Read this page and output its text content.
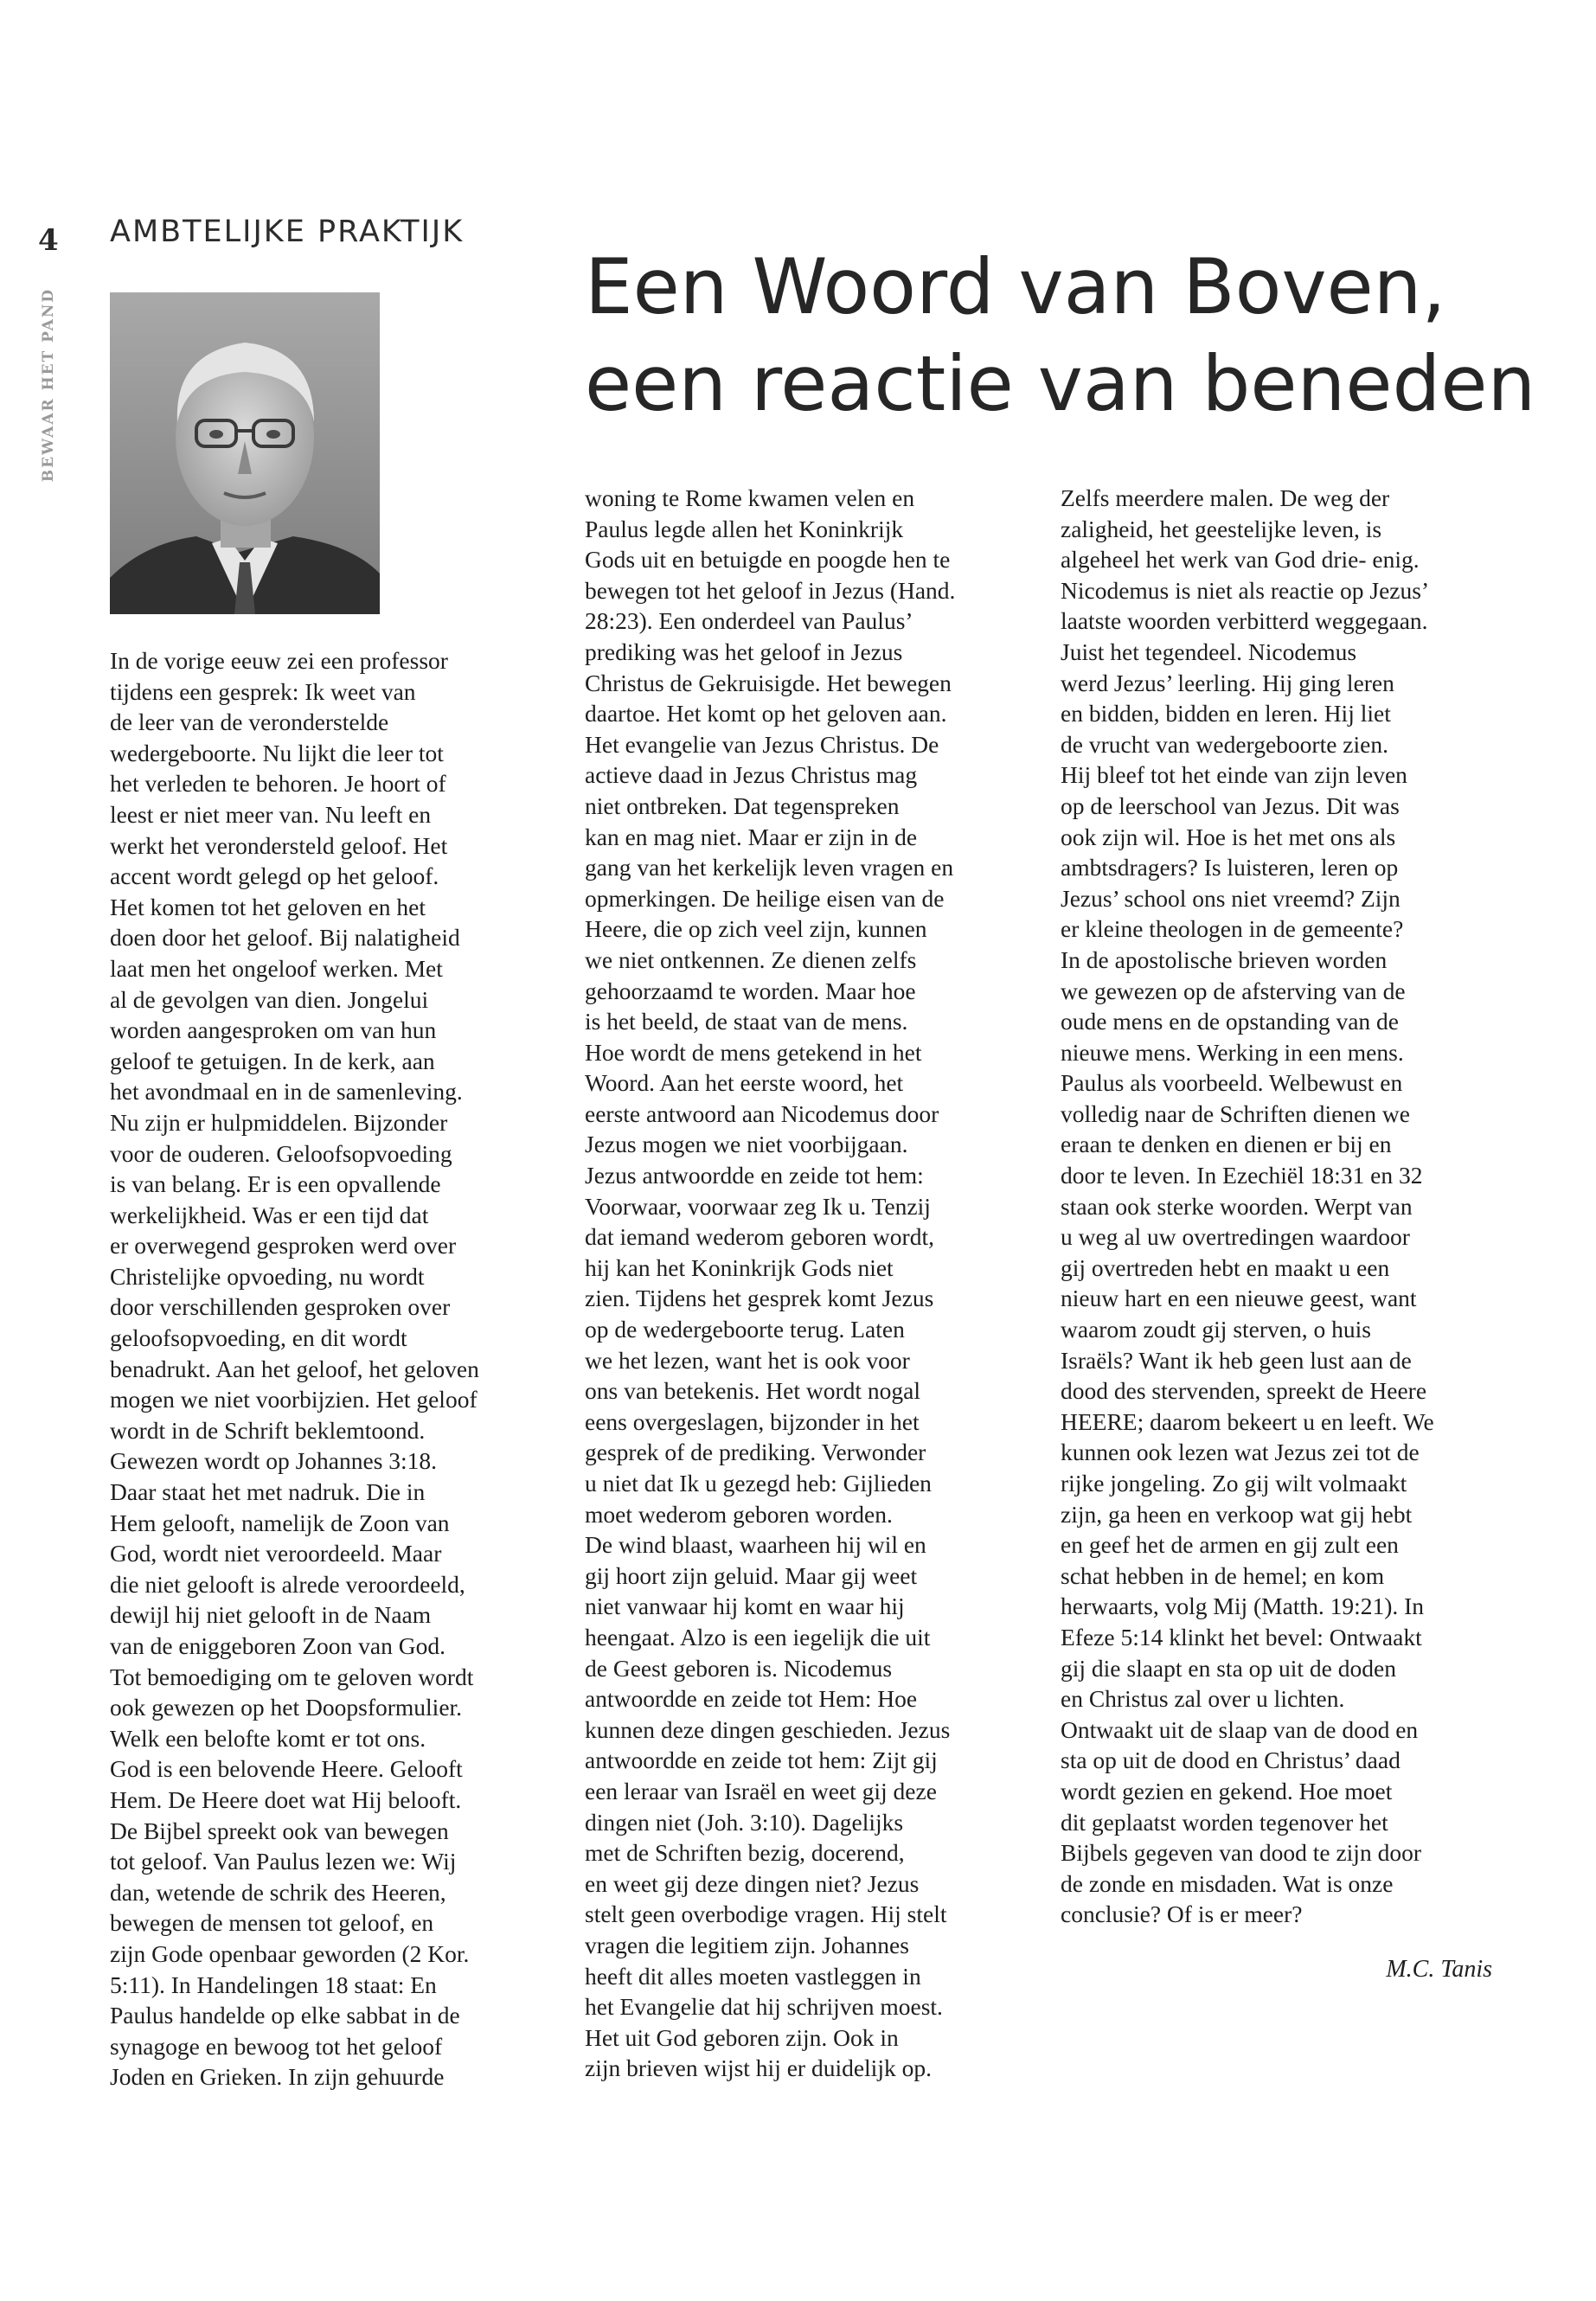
4
BEWAAR HET PAND
AMBTELIJKE PRAKTIJK
Een Woord van Boven,
een reactie van beneden

In de vorige eeuw zei een professor

tijdens een gesprek: Ik weet van

de leer van de veronderstelde

wedergeboorte. Nu lijkt die leer tot

het verleden te behoren. Je hoort of

leest er niet meer van. Nu leeft en

werkt het verondersteld geloof. Het

accent wordt gelegd op het geloof.

Het komen tot het geloven en het

doen door het geloof. Bij nalatigheid

laat men het ongeloof werken. Met

al de gevolgen van dien. Jongelui

worden aangesproken om van hun

geloof te getuigen. In de kerk, aan

het avondmaal en in de samenleving.

Nu zijn er hulpmiddelen. Bijzonder

voor de ouderen. Geloofsopvoeding

is van belang. Er is een opvallende

werkelijkheid. Was er een tijd dat

er overwegend gesproken werd over

Christelijke opvoeding, nu wordt

door verschillenden gesproken over

geloofsopvoeding, en dit wordt

benadrukt. Aan het geloof, het geloven

mogen we niet voorbijzien. Het geloof

wordt in de Schrift beklemtoond.

Gewezen wordt op Johannes 3:18.

Daar staat het met nadruk. Die in

Hem gelooft, namelijk de Zoon van

God, wordt niet veroordeeld. Maar

die niet gelooft is alrede veroordeeld,

dewijl hij niet gelooft in de Naam

van de eniggeboren Zoon van God.

Tot bemoediging om te geloven wordt

ook gewezen op het Doopsformulier.

Welk een belofte komt er tot ons.

God is een belovende Heere. Gelooft

Hem. De Heere doet wat Hij belooft.

De Bijbel spreekt ook van bewegen

tot geloof. Van Paulus lezen we: Wij

dan, wetende de schrik des Heeren,

bewegen de mensen tot geloof, en

zijn Gode openbaar geworden (2 Kor.

5:11). In Handelingen 18 staat: En

Paulus handelde op elke sabbat in de

synagoge en bewoog tot het geloof

Joden en Grieken. In zijn gehuurde

woning te Rome kwamen velen en

Paulus legde allen het Koninkrijk

Gods uit en betuigde en poogde hen te

bewegen tot het geloof in Jezus (Hand.

28:23). Een onderdeel van Paulus’

prediking was het geloof in Jezus

Christus de Gekruisigde. Het bewegen

daartoe. Het komt op het geloven aan.

Het evangelie van Jezus Christus. De

actieve daad in Jezus Christus mag

niet ontbreken. Dat tegenspreken

kan en mag niet. Maar er zijn in de

gang van het kerkelijk leven vragen en

opmerkingen. De heilige eisen van de

Heere, die op zich veel zijn, kunnen

we niet ontkennen. Ze dienen zelfs

gehoorzaamd te worden. Maar hoe

is het beeld, de staat van de mens.

Hoe wordt de mens getekend in het

Woord. Aan het eerste woord, het

eerste antwoord aan Nicodemus door

Jezus mogen we niet voorbijgaan.

Jezus antwoordde en zeide tot hem:

Voorwaar, voorwaar zeg Ik u. Tenzij

dat iemand wederom geboren wordt,

hij kan het Koninkrijk Gods niet

zien. Tijdens het gesprek komt Jezus

op de wedergeboorte terug. Laten

we het lezen, want het is ook voor

ons van betekenis. Het wordt nogal

eens overgeslagen, bijzonder in het

gesprek of de prediking. Verwonder

u niet dat Ik u gezegd heb: Gijlieden

moet wederom geboren worden.

De wind blaast, waarheen hij wil en

gij hoort zijn geluid. Maar gij weet

niet vanwaar hij komt en waar hij

heengaat. Alzo is een iegelijk die uit

de Geest geboren is. Nicodemus

antwoordde en zeide tot Hem: Hoe

kunnen deze dingen geschieden. Jezus

antwoordde en zeide tot hem: Zijt gij

een leraar van Israël en weet gij deze

dingen niet (Joh. 3:10). Dagelijks

met de Schriften bezig, docerend,

en weet gij deze dingen niet? Jezus

stelt geen overbodige vragen. Hij stelt

vragen die legitiem zijn. Johannes

heeft dit alles moeten vastleggen in

het Evangelie dat hij schrijven moest.

Het uit God geboren zijn. Ook in

zijn brieven wijst hij er duidelijk op.

Zelfs meerdere malen. De weg der

zaligheid, het geestelijke leven, is

algeheel het werk van God drie- enig.

Nicodemus is niet als reactie op Jezus’

laatste woorden verbitterd weggegaan.

Juist het tegendeel. Nicodemus

werd Jezus’ leerling. Hij ging leren

en bidden, bidden en leren. Hij liet

de vrucht van wedergeboorte zien.

Hij bleef tot het einde van zijn leven

op de leerschool van Jezus. Dit was

ook zijn wil. Hoe is het met ons als

ambtsdragers? Is luisteren, leren op

Jezus’ school ons niet vreemd? Zijn

er kleine theologen in de gemeente?

In de apostolische brieven worden

we gewezen op de afsterving van de

oude mens en de opstanding van de

nieuwe mens. Werking in een mens.

Paulus als voorbeeld. Welbewust en

volledig naar de Schriften dienen we

eraan te denken en dienen er bij en

door te leven. In Ezechiël 18:31 en 32

staan ook sterke woorden. Werpt van

u weg al uw overtredingen waardoor

gij overtreden hebt en maakt u een

nieuw hart en een nieuwe geest, want

waarom zoudt gij sterven, o huis

Israëls? Want ik heb geen lust aan de

dood des stervenden, spreekt de Heere

HEERE; daarom bekeert u en leeft. We

kunnen ook lezen wat Jezus zei tot de

rijke jongeling. Zo gij wilt volmaakt

zijn, ga heen en verkoop wat gij hebt

en geef het de armen en gij zult een

schat hebben in de hemel; en kom

herwaarts, volg Mij (Matth. 19:21). In

Efeze 5:14 klinkt het bevel: Ontwaakt

gij die slaapt en sta op uit de doden

en Christus zal over u lichten.

Ontwaakt uit de slaap van de dood en

sta op uit de dood en Christus’ daad

wordt gezien en gekend. Hoe moet

dit geplaatst worden tegenover het

Bijbels gegeven van dood te zijn door

de zonde en misdaden. Wat is onze

conclusie? Of is er meer?

M.C. Tanis
